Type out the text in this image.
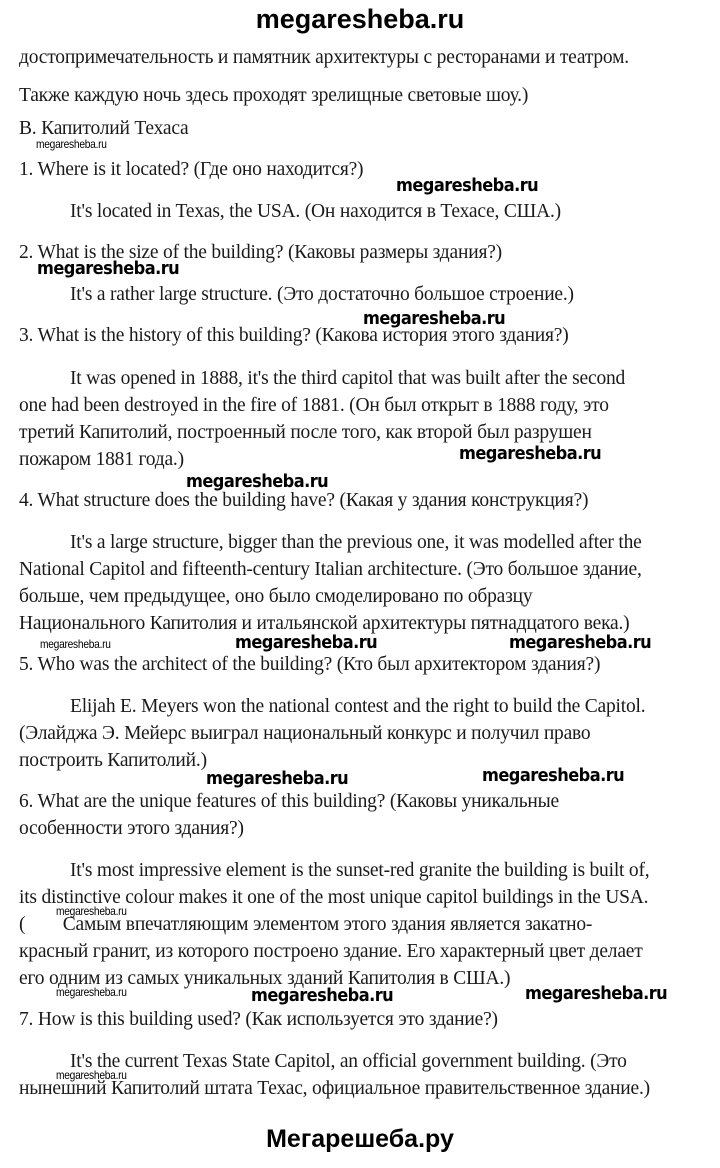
megaresheba.ru
достопримечательность и памятник архитектуры с ресторанами и театром.
Также каждую ночь здесь проходят зрелищные световые шоу.)
B. Капитолий Техаса
1. Where is it located? (Где оно находится?)
It's located in Texas, the USA. (Он находится в Техасе, США.)
2. What is the size of the building? (Каковы размеры здания?)
It's a rather large structure. (Это достаточно большое строение.)
3. What is the history of this building? (Какова история этого здания?)
It was opened in 1888, it's the third capitol that was built after the second
one had been destroyed in the fire of 1881. (Он был открыт в 1888 году, это
третий Капитолий, построенный после того, как второй был разрушен
пожаром 1881 года.)
4. What structure does the building have? (Какая у здания конструкция?)
It's a large structure, bigger than the previous one, it was modelled after the
National Capitol and fifteenth-century Italian architecture. (Это большое здание,
больше, чем предыдущее, оно было смоделировано по образцу
Национального Капитолия и итальянской архитектуры пятнадцатого века.)
5. Who was the architect of the building? (Кто был архитектором здания?)
Elijah E. Meyers won the national contest and the right to build the Capitol.
(Элайджа Э. Мейерс выиграл национальный конкурс и получил право
построить Капитолий.)
6. What are the unique features of this building? (Каковы уникальные
особенности этого здания?)
It's most impressive element is the sunset-red granite the building is built of,
its distinctive colour makes it one of the most unique capitol buildings in the USA.
(        Самым впечатляющим элементом этого здания является закатно-
красный гранит, из которого построено здание. Его характерный цвет делает
его одним из самых уникальных зданий Капитолия в США.)
7. How is this building used? (Как используется это здание?)
It's the current Texas State Capitol, an official government building. (Это
нынешний Капитолий штата Техас, официальное правительственное здание.)
Мегарешеба.ру
megaresheba.ru
megaresheba.ru
megaresheba.ru
megaresheba.ru
megaresheba.ru
megaresheba.ru
megaresheba.ru	megaresheba.ru	megaresheba.ru
megaresheba.ru	megaresheba.ru
megaresheba.ru
megaresheba.ru	megaresheba.ru	megaresheba.ru
megaresheba.ru
